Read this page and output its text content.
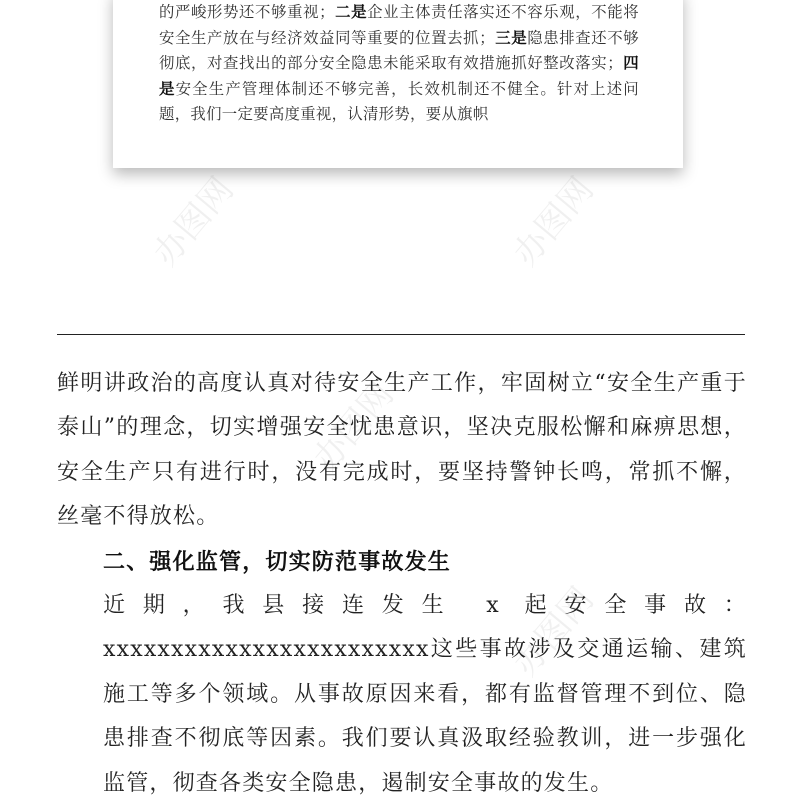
的严峻形势还不够重视；二是企业主体责任落实还不容乐观，不能将安全生产放在与经济效益同等重要的位置去抓；三是隐患排查还不够彻底，对查找出的部分安全隐患未能采取有效措施抓好整改落实；四是安全生产管理体制还不够完善，长效机制还不健全。针对上述问题，我们一定要高度重视，认清形势，要从旗帜
办图网	办图网
办图网
办图网

鲜明讲政治的高度认真对待安全生产工作，牢固树立“安全生产重于泰山”的理念，切实增强安全忧患意识，坚决克服松懈和麻痹思想，安全生产只有进行时，没有完成时，要坚持警钟长鸣，常抓不懈，丝毫不得放松。

二、强化监管，切实防范事故发生

近期，我县接连发生 x 起安全事故：xxxxxxxxxxxxxxxxxxxxxxxx这些事故涉及交通运输、建筑施工等多个领域。从事故原因来看，都有监督管理不到位、隐患排查不彻底等因素。我们要认真汲取经验教训，进一步强化监管，彻查各类安全隐患，遏制安全事故的发生。
